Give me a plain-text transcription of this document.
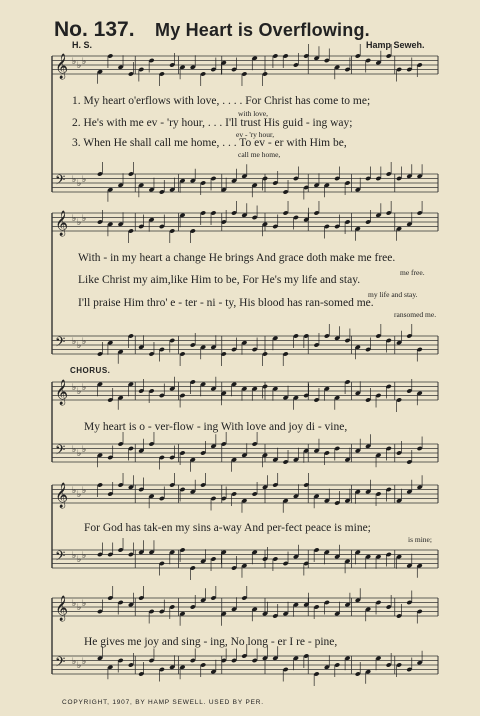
No. 137. My Heart is Overflowing.
H. S.	Hamp Seweh.
𝄞 ♭ ♭ ♭
𝄢 ♭ ♭ ♭
𝄞 ♭ ♭ ♭
𝄢 ♭ ♭ ♭
𝄞 ♭ ♭ ♭
𝄢 ♭ ♭ ♭
𝄞 ♭ ♭ ♭
𝄢 ♭ ♭ ♭
𝄞 ♭ ♭ ♭
𝄢 ♭ ♭ ♭
1. My heart o'erflows with love, . . . . For Christ has come to me;
with love,
2. He's with me ev - 'ry hour, . . . I'll trust His guid - ing way;
ev - 'ry hour,
3. When He shall call me home, . . . To ev - er with Him be,
call me home,
With - in my heart a change He brings And grace doth make me free.
me free.
Like Christ my aim,like Him to be, For He's my life and stay.
my life and stay.
I'll praise Him thro' e - ter - ni - ty, His blood has ran-somed me.
ransomed me.
CHORUS.
My heart is o - ver-flow - ing With love and joy di - vine,
For God has tak-en my sins a-way And per-fect peace is mine;
is mine;
He gives me joy and sing - ing, No long - er I re - pine,
COPYRIGHT, 1907, BY HAMP SEWELL. USED BY PER.
